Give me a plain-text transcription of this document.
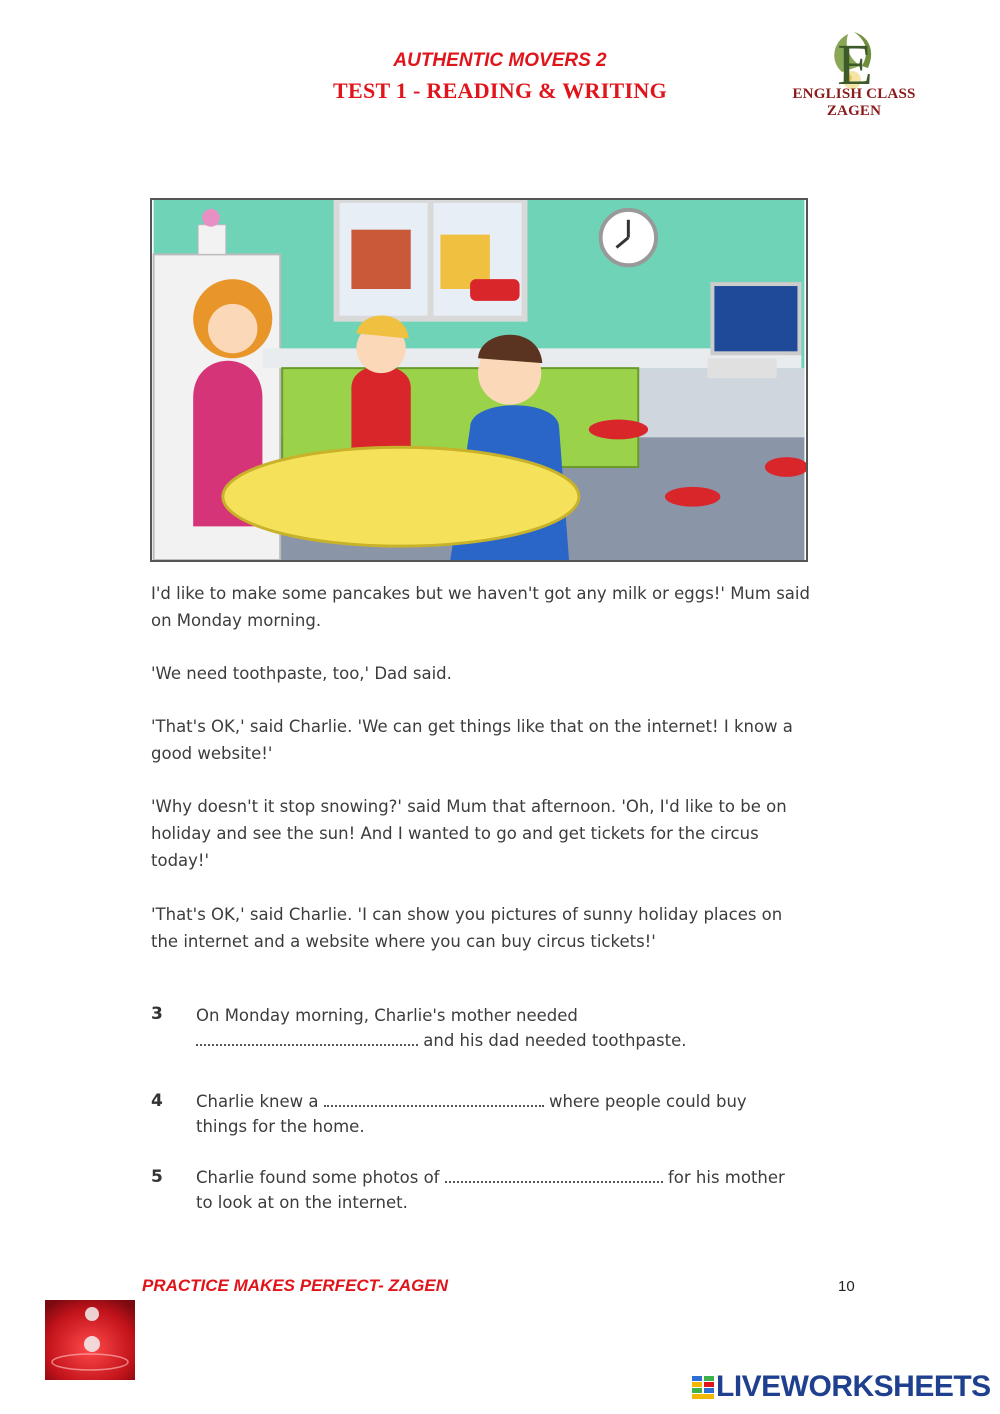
AUTHENTIC MOVERS 2
TEST 1 - READING & WRITING	E
ENGLISH CLASS ZAGEN
I'd like to make some pancakes but we haven't got any milk or eggs!' Mum said on Monday morning.
'We need toothpaste, too,' Dad said.
'That's OK,' said Charlie. 'We can get things like that on the internet! I know a good website!'
'Why doesn't it stop snowing?' said Mum that afternoon. 'Oh, I'd like to be on holiday and see the sun! And I wanted to go and get tickets for the circus today!'
'That's OK,' said Charlie. 'I can show you pictures of sunny holiday places on the internet and a website where you can buy circus tickets!'
3 On Monday morning, Charlie's mother needed
and his dad needed toothpaste.
4 Charlie knew a	where people could buy
things for the home.
5 Charlie found some photos of	for his mother
to look at on the internet.
PRACTICE MAKES PERFECT- ZAGEN	10
LIVEWORKSHEETS
